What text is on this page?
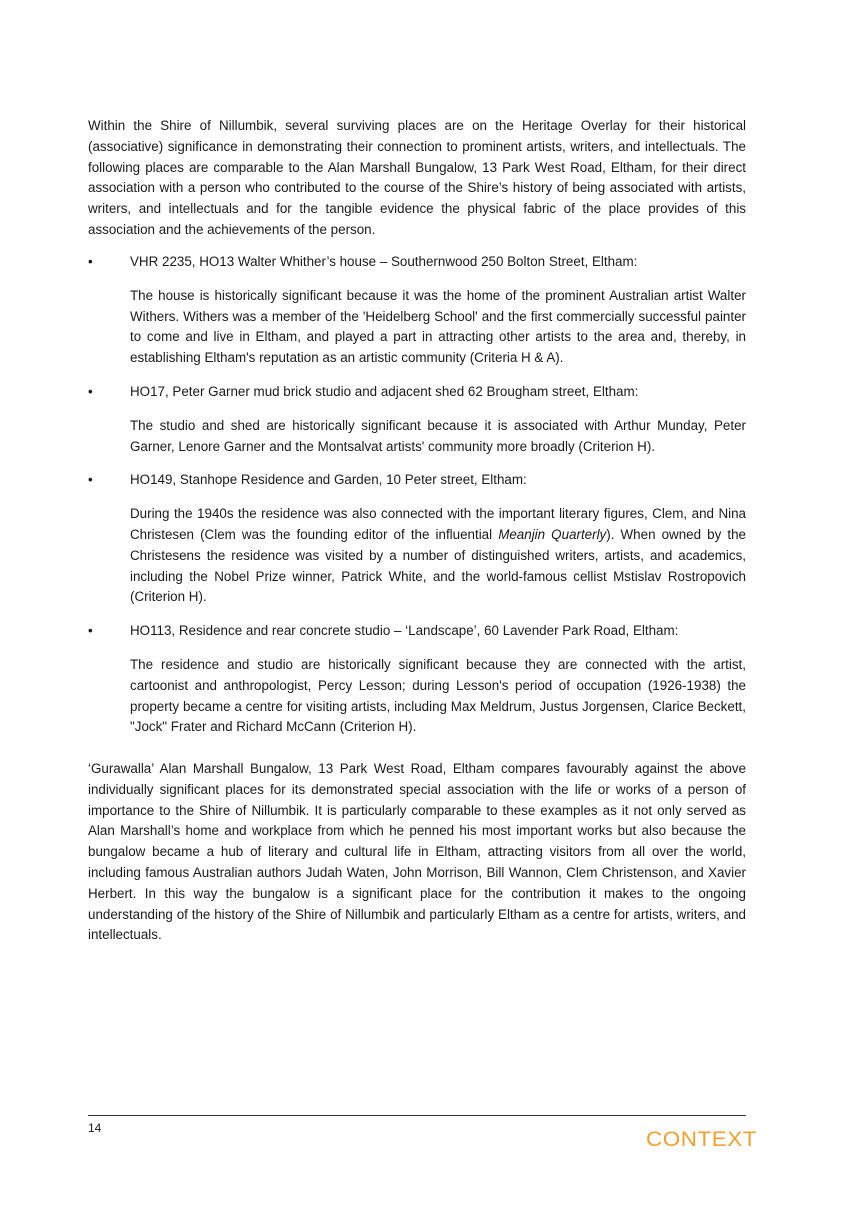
Within the Shire of Nillumbik, several surviving places are on the Heritage Overlay for their historical (associative) significance in demonstrating their connection to prominent artists, writers, and intellectuals. The following places are comparable to the Alan Marshall Bungalow, 13 Park West Road, Eltham, for their direct association with a person who contributed to the course of the Shire’s history of being associated with artists, writers, and intellectuals and for the tangible evidence the physical fabric of the place provides of this association and the achievements of the person.

•	VHR 2235, HO13 Walter Whither’s house – Southernwood 250 Bolton Street, Eltham:
The house is historically significant because it was the home of the prominent Australian artist Walter Withers. Withers was a member of the 'Heidelberg School' and the first commercially successful painter to come and live in Eltham, and played a part in attracting other artists to the area and, thereby, in establishing Eltham's reputation as an artistic community (Criteria H & A).
•	HO17, Peter Garner mud brick studio and adjacent shed 62 Brougham street, Eltham:
The studio and shed are historically significant because it is associated with Arthur Munday, Peter Garner, Lenore Garner and the Montsalvat artists' community more broadly (Criterion H).
•	HO149, Stanhope Residence and Garden, 10 Peter street, Eltham:
During the 1940s the residence was also connected with the important literary figures, Clem, and Nina Christesen (Clem was the founding editor of the influential Meanjin Quarterly). When owned by the Christesens the residence was visited by a number of distinguished writers, artists, and academics, including the Nobel Prize winner, Patrick White, and the world-famous cellist Mstislav Rostropovich (Criterion H).
•	HO113, Residence and rear concrete studio – ‘Landscape’, 60 Lavender Park Road, Eltham:
The residence and studio are historically significant because they are connected with the artist, cartoonist and anthropologist, Percy Lesson; during Lesson's period of occupation (1926-1938) the property became a centre for visiting artists, including Max Meldrum, Justus Jorgensen, Clarice Beckett, "Jock" Frater and Richard McCann (Criterion H).

‘Gurawalla’ Alan Marshall Bungalow, 13 Park West Road, Eltham compares favourably against the above individually significant places for its demonstrated special association with the life or works of a person of importance to the Shire of Nillumbik. It is particularly comparable to these examples as it not only served as Alan Marshall’s home and workplace from which he penned his most important works but also because the bungalow became a hub of literary and cultural life in Eltham, attracting visitors from all over the world, including famous Australian authors Judah Waten, John Morrison, Bill Wannon, Clem Christenson, and Xavier Herbert. In this way the bungalow is a significant place for the contribution it makes to the ongoing understanding of the history of the Shire of Nillumbik and particularly Eltham as a centre for artists, writers, and intellectuals.

14	CONTEXT
